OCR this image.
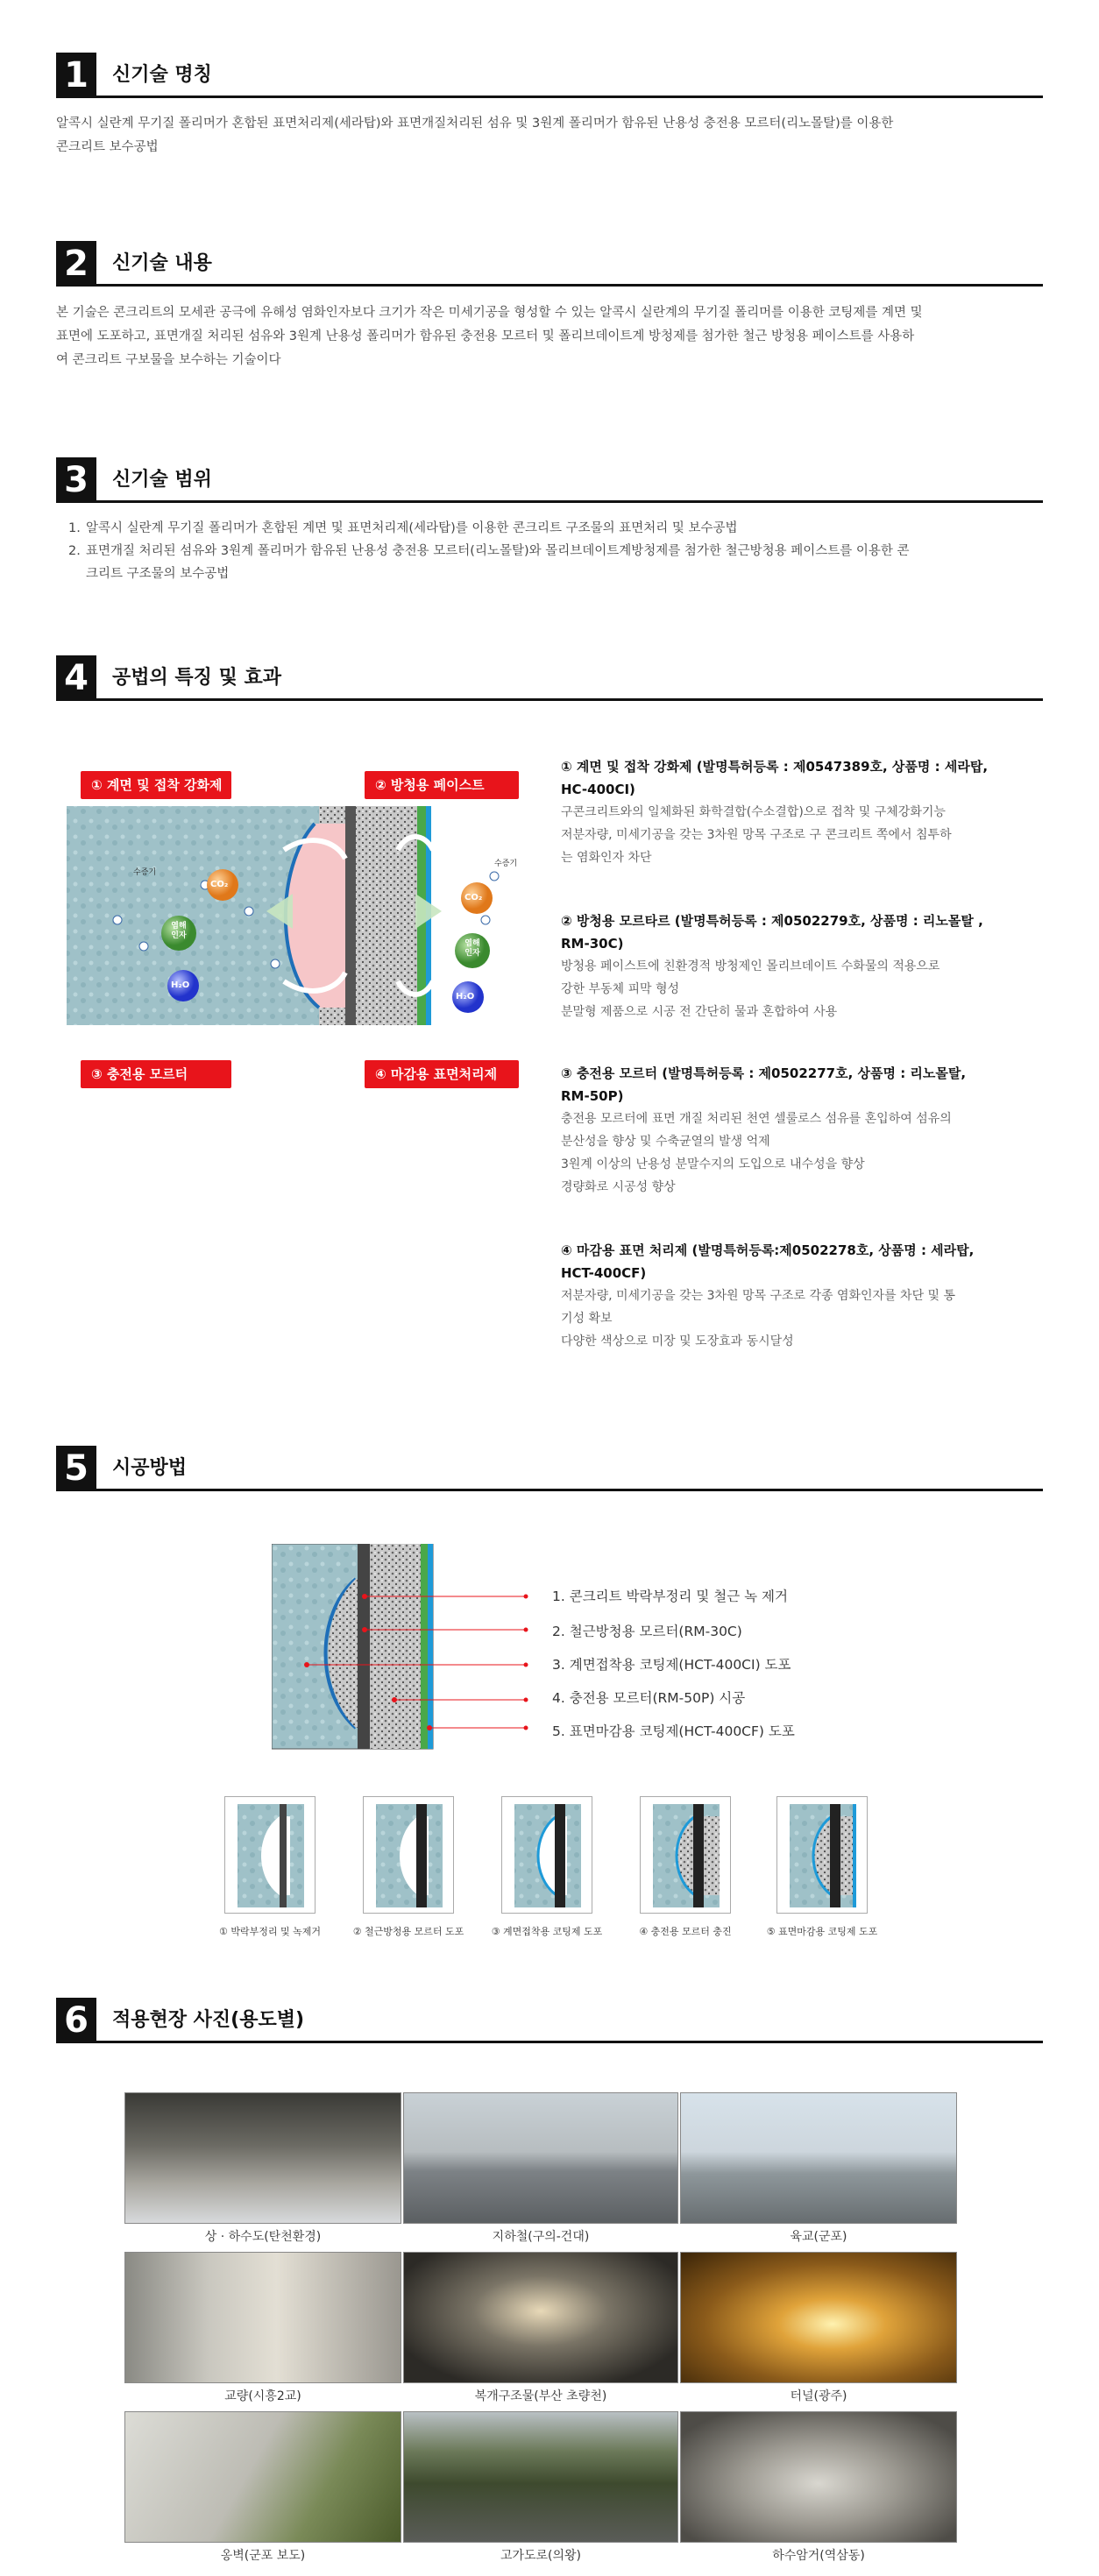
1	신기술 명칭
알콕시 실란계 무기질 폴리머가 혼합된 표면처리제(세라탑)와 표면개질처리된 섬유 및 3원계 폴리머가 함유된 난용성 충전용 모르터(리노몰탈)를 이용한
콘크리트 보수공법
2	신기술 내용
본 기술은 콘크리트의 모세관 공극에 유해성 염화인자보다 크기가 작은 미세기공을 형성할 수 있는 알콕시 실란계의 무기질 폴리머를 이용한 코팅제를 계면 및
표면에 도포하고, 표면개질 처리된 섬유와 3원계 난용성 폴리머가 함유된 충전용 모르터 및 폴리브데이트계 방청제를 첨가한 철근 방청용 페이스트를 사용하
여 콘크리트 구보물을 보수하는 기술이다
3	신기술 범위
1. 알콕시 실란계 무기질 폴리머가 혼합된 계면 및 표면처리제(세라탑)를 이용한 콘크리트 구조물의 표면처리 및 보수공법
2. 표면개질 처리된 섬유와 3원계 폴리머가 함유된 난용성 충전용 모르터(리노몰탈)와 몰리브데이트계방청제를 첨가한 철근방청용 페이스트를 이용한 콘
크리트 구조물의 보수공법
4	공법의 특징 및 효과
① 계면 및 접착 강화제	② 방청용 페이스트
③ 충전용 모르터	④ 마감용 표면처리제
CO₂
CO₂
H₂O
H₂O
염해
인자
염해
인자
수증기
수증기
① 계면 및 접착 강화제 (발명특허등록 : 제0547389호, 상품명 : 세라탑,
HC-400CI)
구콘크리트와의 일체화된 화학결합(수소결합)으로 접착 및 구체강화기능
저분자량, 미세기공을 갖는 3차원 망목 구조로 구 콘크리트 쪽에서 침투하
는 염화인자 차단
② 방청용 모르타르 (발명특허등록 : 제0502279호, 상품명 : 리노몰탈 ,
RM-30C)
방청용 페이스트에 친환경적 방청제인 몰리브데이트 수화물의 적용으로
강한 부동체 피막 형성
분말형 제품으로 시공 전 간단히 물과 혼합하여 사용
③ 충전용 모르터 (발명특허등록 : 제0502277호, 상품명 : 리노몰탈,
RM-50P)
충전용 모르터에 표면 개질 처리된 천연 셀룰로스 섬유를 혼입하여 섬유의
분산성을 향상 및 수축균열의 발생 억제
3원계 이상의 난용성 분말수지의 도입으로 내수성을 향상
경량화로 시공성 향상
④ 마감용 표면 처리제 (발명특허등록:제0502278호, 상품명 : 세라탑,
HCT-400CF)
저분자량, 미세기공을 갖는 3차원 망목 구조로 각종 염화인자를 차단 및 통
기성 확보
다양한 색상으로 미장 및 도장효과 동시달성
5	시공방법
1. 콘크리트 박락부정리 및 철근 녹 제거
2. 철근방청용 모르터(RM-30C)
3. 계면접착용 코팅제(HCT-400CI) 도포
4. 충전용 모르터(RM-50P) 시공
5. 표면마감용 코팅제(HCT-400CF) 도포
① 박락부정리 및 녹제거	② 철근방청용 모르터 도포	③ 계면접착용 코팅제 도포	④ 충전용 모르터 충진	⑤ 표면마감용 코팅제 도포
6	적용현장 사진(용도별)
상 · 하수도(탄천환경)	지하철(구의-건대)	육교(군포)
교량(시흥2교)	복개구조물(부산 초량천)	터널(광주)
옹벽(군포 보도)	고가도로(의왕)	하수암거(역삼동)
